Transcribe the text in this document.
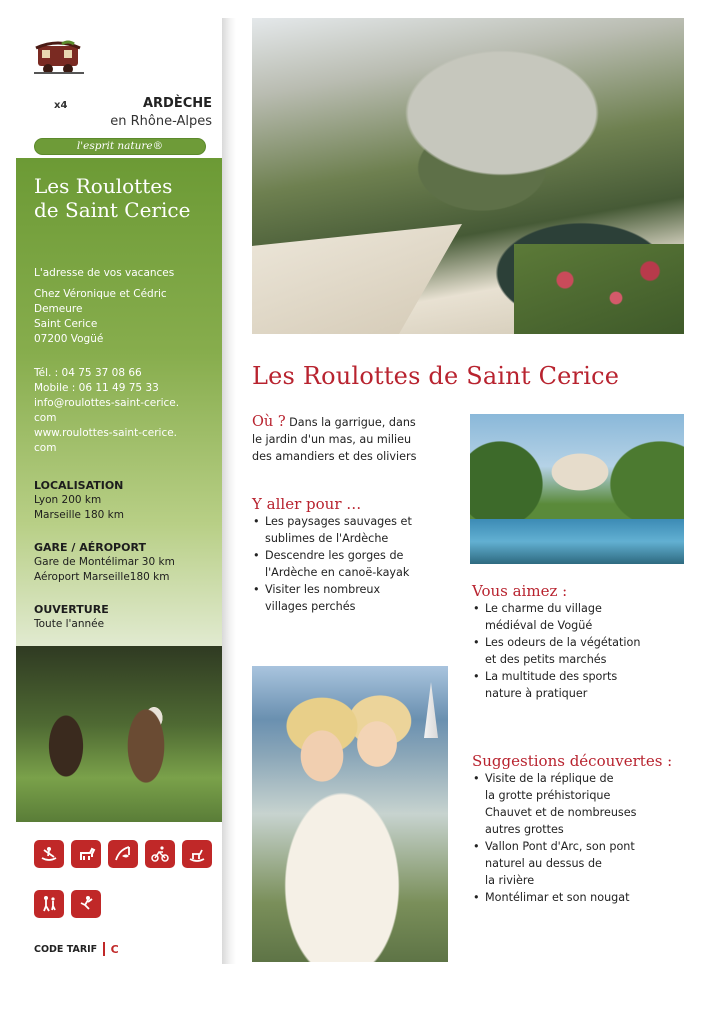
x4	ARDÈCHE
en Rhône-Alpes
l'esprit nature®
Les Roulottes
de Saint Cerice
L'adresse de vos vacances
Chez Véronique et Cédric
Demeure
Saint Cerice
07200 Vogüé
Tél. : 04 75 37 08 66
Mobile : 06 11 49 75 33
info@roulottes-saint-cerice.
com
www.roulottes-saint-cerice.
com
LOCALISATION
Lyon 200 km
Marseille 180 km
GARE / AÉROPORT
Gare de Montélimar 30 km
Aéroport Marseille180 km
OUVERTURE
Toute l'année
CODE TARIF C
Les Roulottes de Saint Cerice
Où ? Dans la garrigue, dans
le jardin d'un mas, au milieu
des amandiers et des oliviers
Y aller pour …
• Les paysages sauvages et
sublimes de l'Ardèche
• Descendre les gorges de
l'Ardèche en canoë-kayak
• Visiter les nombreux
villages perchés
Vous aimez :
• Le charme du village
médiéval de Vogüé
• Les odeurs de la végétation
et des petits marchés
• La multitude des sports
nature à pratiquer
Suggestions découvertes :
• Visite de la réplique de
la grotte préhistorique
Chauvet et de nombreuses
autres grottes
• Vallon Pont d'Arc, son pont
naturel au dessus de
la rivière
• Montélimar et son nougat
